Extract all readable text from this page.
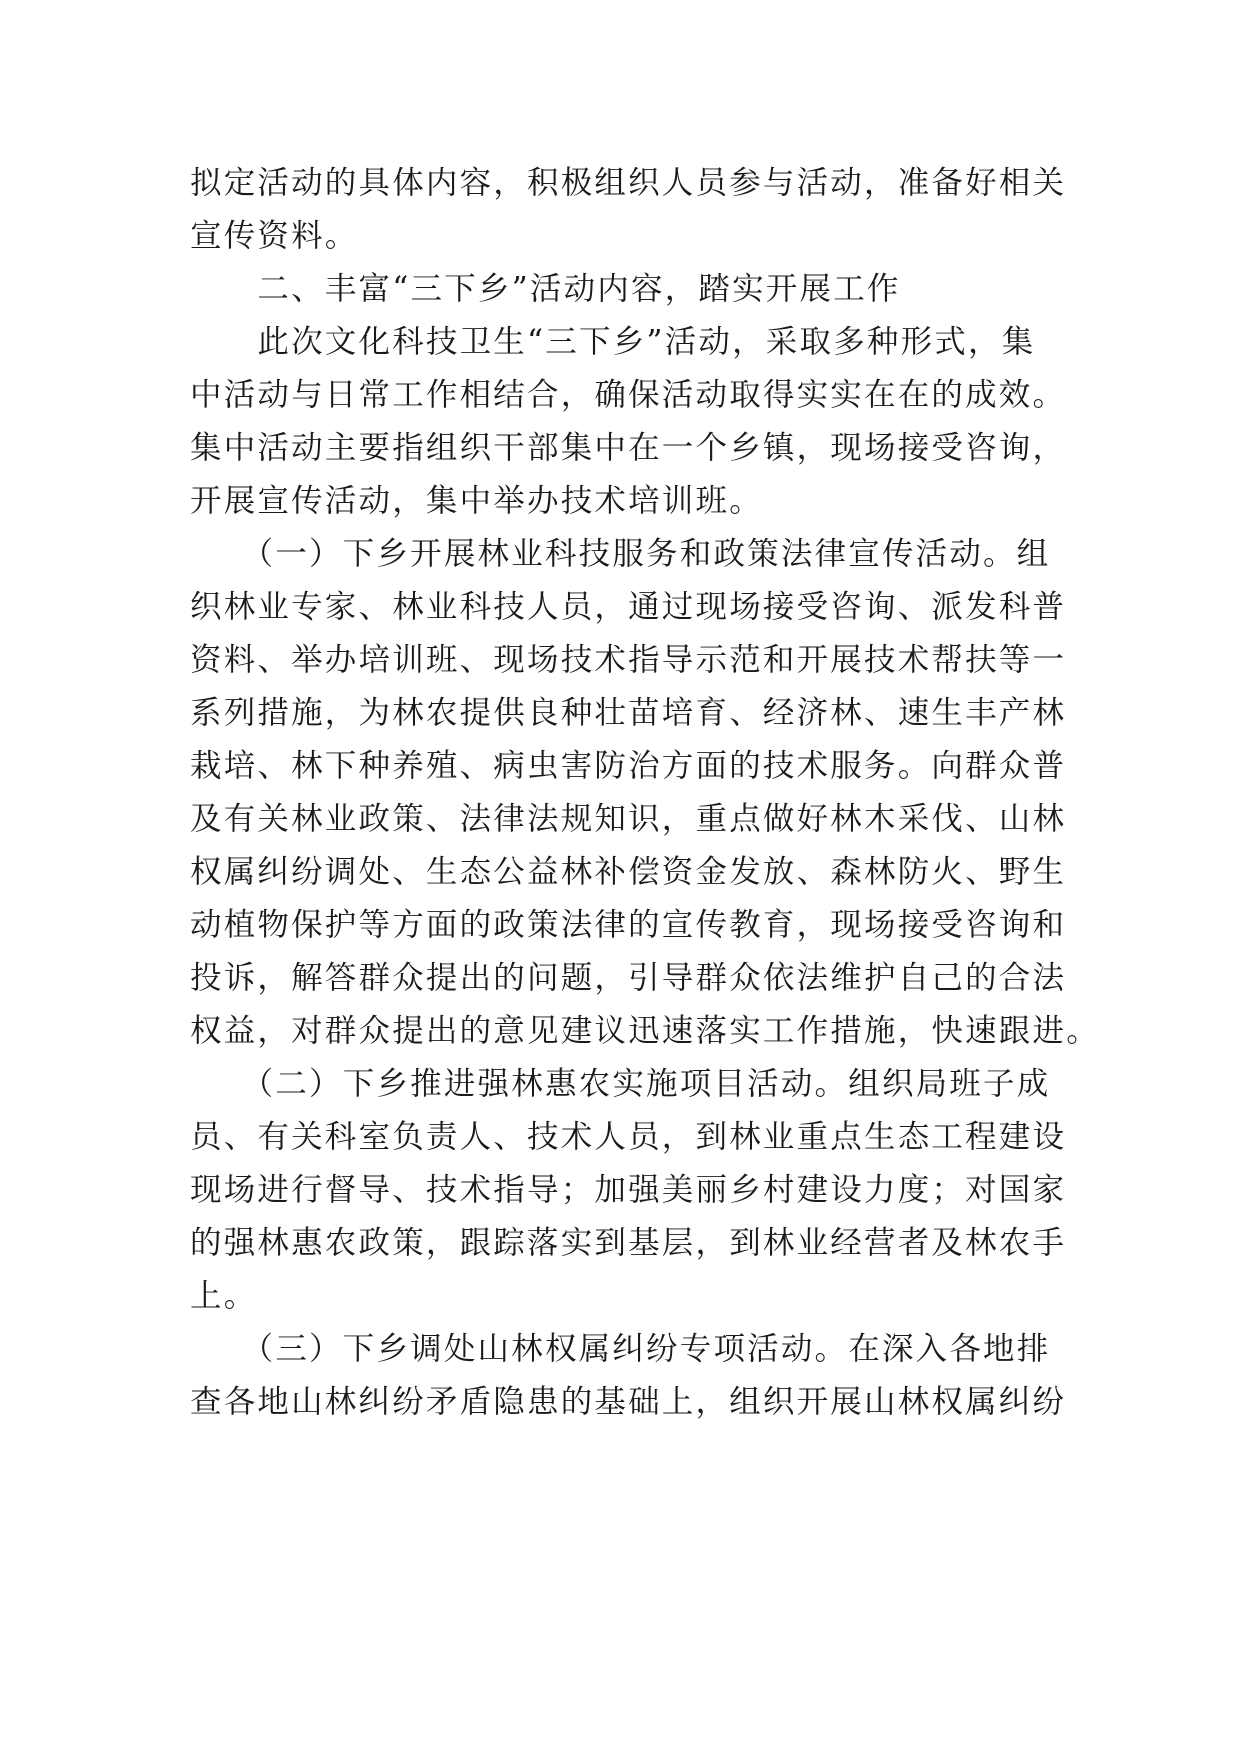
拟定活动的具体内容，积极组织人员参与活动，准备好相关
宣传资料。
　　二、丰富“三下乡”活动内容，踏实开展工作
　　此次文化科技卫生“三下乡”活动，采取多种形式，集
中活动与日常工作相结合，确保活动取得实实在在的成效。
集中活动主要指组织干部集中在一个乡镇，现场接受咨询，
开展宣传活动，集中举办技术培训班。
　　（一）下乡开展林业科技服务和政策法律宣传活动。组
织林业专家、林业科技人员，通过现场接受咨询、派发科普
资料、举办培训班、现场技术指导示范和开展技术帮扶等一
系列措施，为林农提供良种壮苗培育、经济林、速生丰产林
栽培、林下种养殖、病虫害防治方面的技术服务。向群众普
及有关林业政策、法律法规知识，重点做好林木采伐、山林
权属纠纷调处、生态公益林补偿资金发放、森林防火、野生
动植物保护等方面的政策法律的宣传教育，现场接受咨询和
投诉，解答群众提出的问题，引导群众依法维护自己的合法
权益，对群众提出的意见建议迅速落实工作措施，快速跟进。
　　（二）下乡推进强林惠农实施项目活动。组织局班子成
员、有关科室负责人、技术人员，到林业重点生态工程建设
现场进行督导、技术指导；加强美丽乡村建设力度；对国家
的强林惠农政策，跟踪落实到基层，到林业经营者及林农手
上。
　　（三）下乡调处山林权属纠纷专项活动。在深入各地排
查各地山林纠纷矛盾隐患的基础上，组织开展山林权属纠纷
